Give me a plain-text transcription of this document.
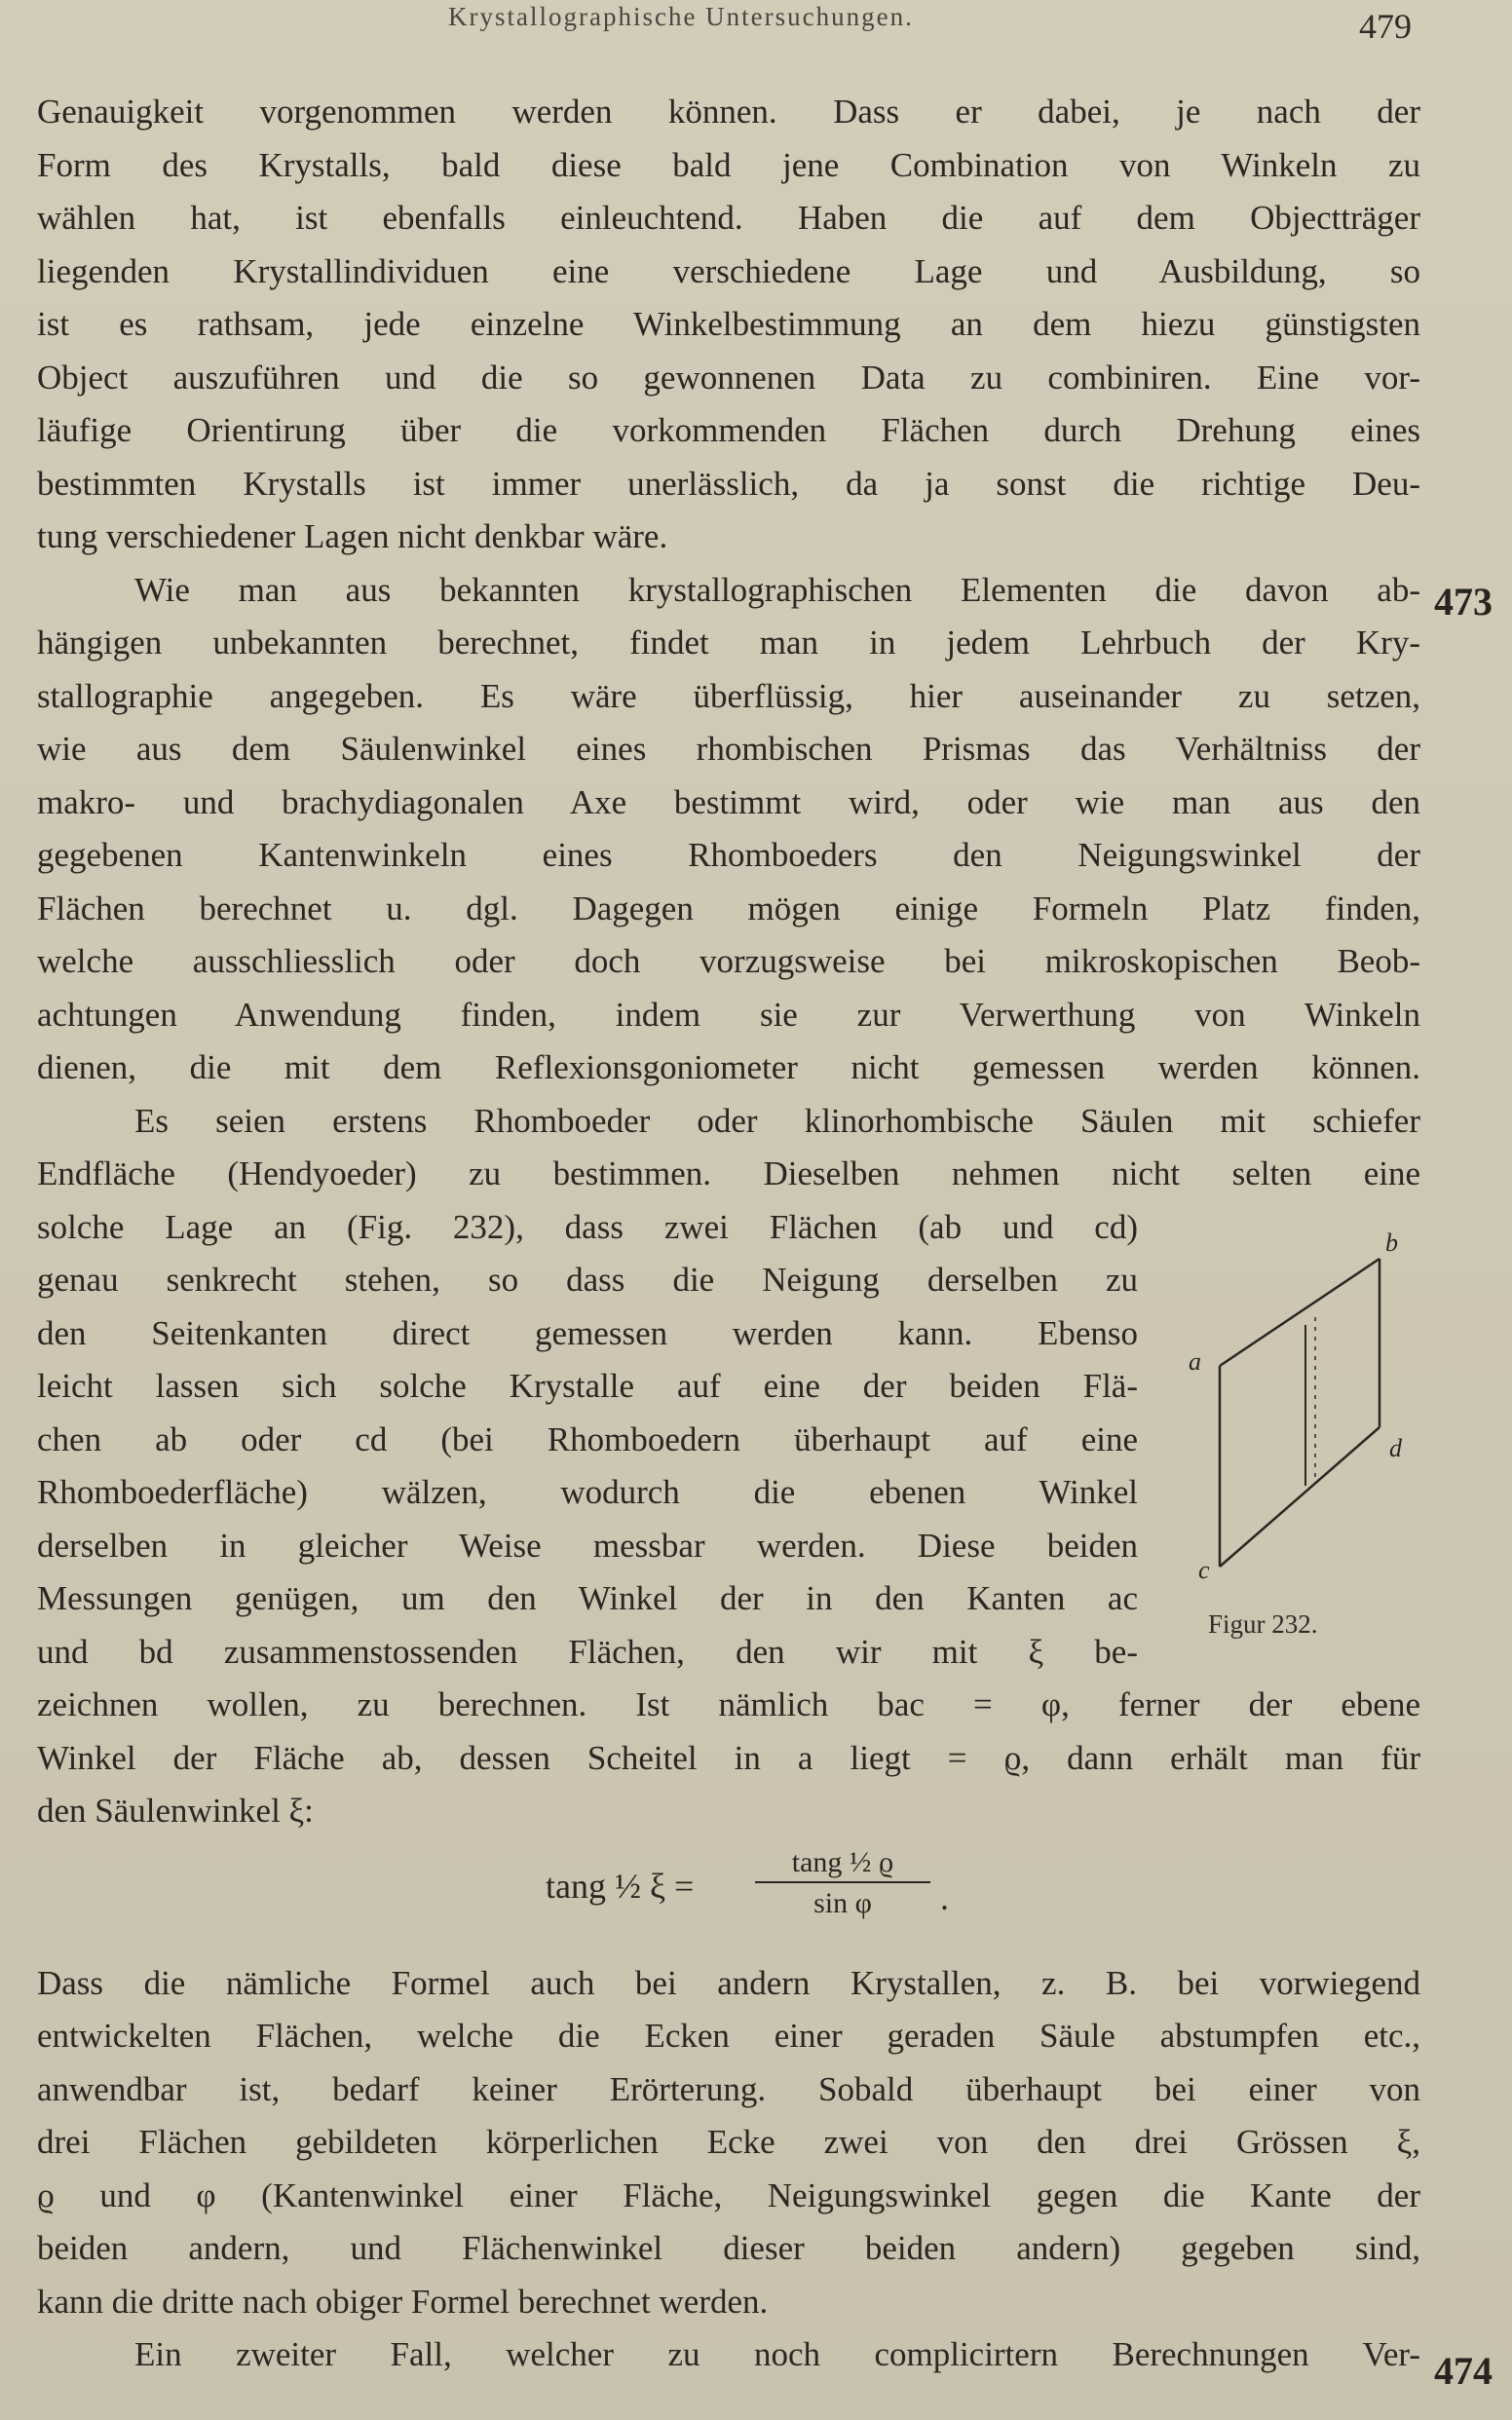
Krystallographische Untersuchungen.	479
Genauigkeit vorgenommen werden können. Dass er dabei, je nach der
Form des Krystalls, bald diese bald jene Combination von Winkeln zu
wählen hat, ist ebenfalls einleuchtend. Haben die auf dem Objectträger
liegenden Krystallindividuen eine verschiedene Lage und Ausbildung, so
ist es rathsam, jede einzelne Winkelbestimmung an dem hiezu günstigsten
Object auszuführen und die so gewonnenen Data zu combiniren. Eine vor-
läufige Orientirung über die vorkommenden Flächen durch Drehung eines
bestimmten Krystalls ist immer unerlässlich, da ja sonst die richtige Deu-
tung verschiedener Lagen nicht denkbar wäre.
Wie man aus bekannten krystallographischen Elementen die davon ab-
hängigen unbekannten berechnet, findet man in jedem Lehrbuch der Kry-
stallographie angegeben. Es wäre überflüssig, hier auseinander zu setzen,
wie aus dem Säulenwinkel eines rhombischen Prismas das Verhältniss der
makro- und brachydiagonalen Axe bestimmt wird, oder wie man aus den
gegebenen Kantenwinkeln eines Rhomboeders den Neigungswinkel der
Flächen berechnet u. dgl. Dagegen mögen einige Formeln Platz finden,
welche ausschliesslich oder doch vorzugsweise bei mikroskopischen Beob-
achtungen Anwendung finden, indem sie zur Verwerthung von Winkeln
dienen, die mit dem Reflexionsgoniometer nicht gemessen werden können.
Es seien erstens Rhomboeder oder klinorhombische Säulen mit schiefer
Endfläche (Hendyoeder) zu bestimmen. Dieselben nehmen nicht selten eine
solche Lage an (Fig. 232), dass zwei Flächen (ab und cd)
genau senkrecht stehen, so dass die Neigung derselben zu
den Seitenkanten direct gemessen werden kann. Ebenso
leicht lassen sich solche Krystalle auf eine der beiden Flä-
chen ab oder cd (bei Rhomboedern überhaupt auf eine
Rhomboederfläche) wälzen, wodurch die ebenen Winkel
derselben in gleicher Weise messbar werden. Diese beiden
Messungen genügen, um den Winkel der in den Kanten ac
und bd zusammenstossenden Flächen, den wir mit ξ be-
zeichnen wollen, zu berechnen. Ist nämlich bac = φ, ferner der ebene
Winkel der Fläche ab, dessen Scheitel in a liegt = ϱ, dann erhält man für
den Säulenwinkel ξ:
Dass die nämliche Formel auch bei andern Krystallen, z. B. bei vorwiegend
entwickelten Flächen, welche die Ecken einer geraden Säule abstumpfen etc.,
anwendbar ist, bedarf keiner Erörterung. Sobald überhaupt bei einer von
drei Flächen gebildeten körperlichen Ecke zwei von den drei Grössen ξ,
ϱ und φ (Kantenwinkel einer Fläche, Neigungswinkel gegen die Kante der
beiden andern, und Flächenwinkel dieser beiden andern) gegeben sind,
kann die dritte nach obiger Formel berechnet werden.
Ein zweiter Fall, welcher zu noch complicirtern Berechnungen Ver-
tang ½ $\xi = \frac{\text{tang ½ ϱ}}{\text{sin φ}}$ .
a
b
c
d
Figur 232.
473
474
